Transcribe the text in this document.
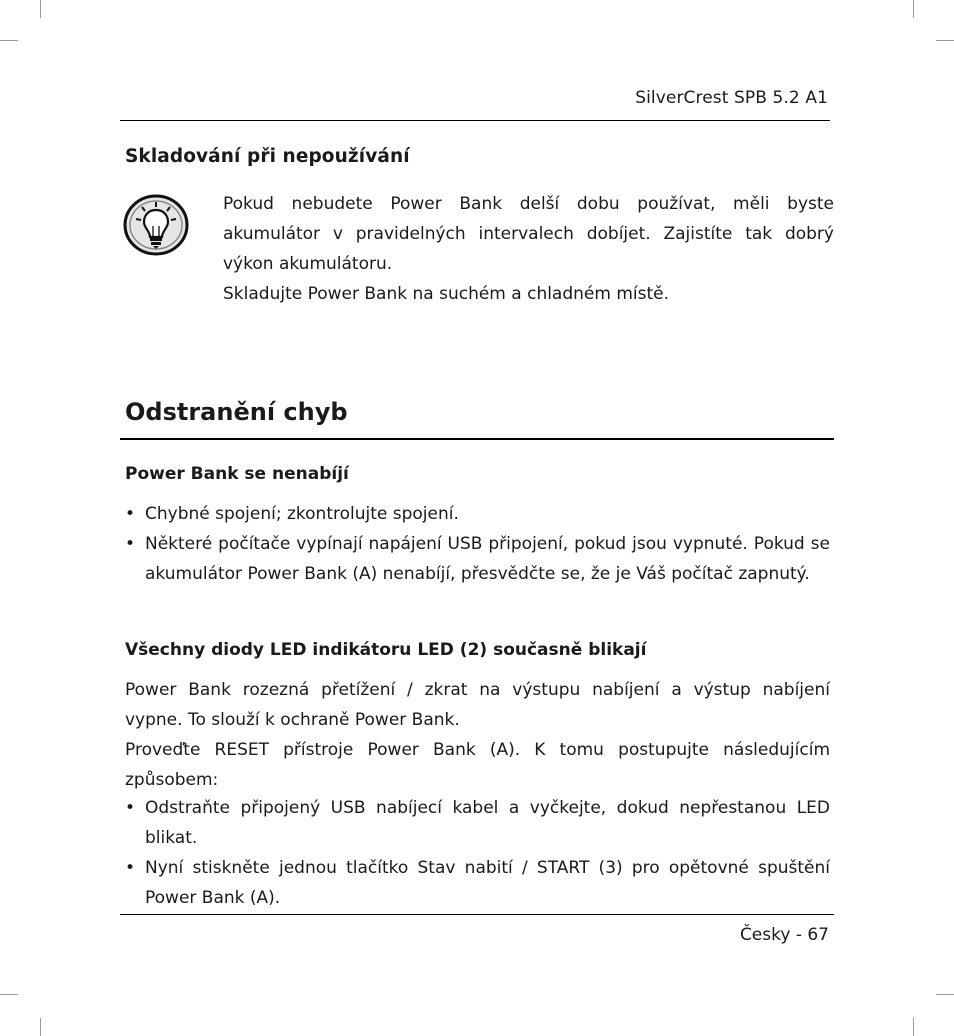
SilverCrest SPB 5.2 A1
Skladování při nepoužívání
Pokud nebudete Power Bank delší dobu používat, měli byste
akumulátor v pravidelných intervalech dobíjet. Zajistíte tak dobrý
výkon akumulátoru.
Skladujte Power Bank na suchém a chladném místě.
Odstranění chyb
Power Bank se nenabíjí
• Chybné spojení; zkontrolujte spojení.
• Některé počítače vypínají napájení USB připojení, pokud jsou vypnuté. Pokud se akumulátor Power Bank (A) nenabíjí, přesvědčte se, že je Váš počítač zapnutý.
Všechny diody LED indikátoru LED (2) současně blikají
Power Bank rozezná přetížení / zkrat na výstupu nabíjení a výstup nabíjení
vypne. To slouží k ochraně Power Bank.
Proveďte RESET přístroje Power Bank (A). K tomu postupujte následujícím
způsobem:
• Odstraňte připojený USB nabíjecí kabel a vyčkejte, dokud nepřestanou LED blikat.
• Nyní stiskněte jednou tlačítko Stav nabití / START (3) pro opětovné spuštění Power Bank (A).
Česky - 67
